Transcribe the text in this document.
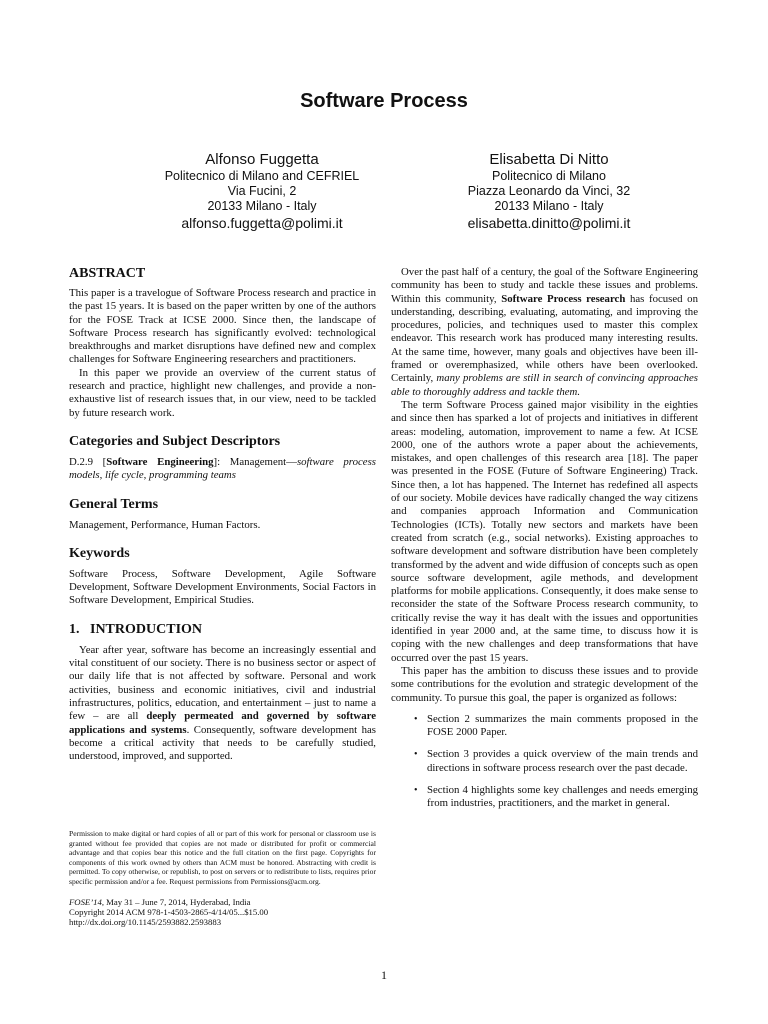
Software Process
Alfonso Fuggetta
Politecnico di Milano and CEFRIEL
Via Fucini, 2
20133 Milano - Italy
alfonso.fuggetta@polimi.it
Elisabetta Di Nitto
Politecnico di Milano
Piazza Leonardo da Vinci, 32
20133 Milano - Italy
elisabetta.dinitto@polimi.it
ABSTRACT

This paper is a travelogue of Software Process research and practice in the past 15 years. It is based on the paper written by one of the authors for the FOSE Track at ICSE 2000. Since then, the landscape of Software Process research has significantly evolved: technological breakthroughs and market disruptions have defined new and complex challenges for Software Engineering researchers and practitioners.

In this paper we provide an overview of the current status of research and practice, highlight new challenges, and provide a non-exhaustive list of research issues that, in our view, need to be tackled by future research work.

Categories and Subject Descriptors

D.2.9 [Software Engineering]: Management—software process models, life cycle, programming teams

General Terms

Management, Performance, Human Factors.

Keywords

Software Process, Software Development, Agile Software Development, Software Development Environments, Social Factors in Software Development, Empirical Studies.

1.   INTRODUCTION

Year after year, software has become an increasingly essential and vital constituent of our society. There is no business sector or aspect of our daily life that is not affected by software. Personal and work activities, business and economic initiatives, civil and industrial infrastructures, politics, education, and entertainment – just to name a few – are all deeply permeated and governed by software applications and systems. Consequently, software development has become a critical activity that needs to be carefully studied, understood, improved, and supported.

Permission to make digital or hard copies of all or part of this work for personal or classroom use is granted without fee provided that copies are not made or distributed for profit or commercial advantage and that copies bear this notice and the full citation on the first page. Copyrights for components of this work owned by others than ACM must be honored. Abstracting with credit is permitted. To copy otherwise, or republish, to post on servers or to redistribute to lists, requires prior specific permission and/or a fee. Request permissions from Permissions@acm.org.
FOSE’14, May 31 – June 7, 2014, Hyderabad, India
Copyright 2014 ACM 978-1-4503-2865-4/14/05...$15.00
http://dx.doi.org/10.1145/2593882.2593883

Over the past half of a century, the goal of the Software Engineering community has been to study and tackle these issues and problems. Within this community, Software Process research has focused on understanding, describing, evaluating, automating, and improving the procedures, policies, and techniques used to master this complex endeavor. This research work has produced many interesting results. At the same time, however, many goals and objectives have been ill-framed or overemphasized, while others have been overlooked. Certainly, many problems are still in search of convincing approaches able to thoroughly address and tackle them.

The term Software Process gained major visibility in the eighties and since then has sparked a lot of projects and initiatives in different areas: modeling, automation, improvement to name a few. At ICSE 2000, one of the authors wrote a paper about the achievements, mistakes, and open challenges of this research area [18]. The paper was presented in the FOSE (Future of Software Engineering) Track. Since then, a lot has happened. The Internet has redefined all aspects of our society. Mobile devices have radically changed the way citizens and companies approach Information and Communication Technologies (ICTs). Totally new sectors and markets have been created from scratch (e.g., social networks). Existing approaches to software development and software distribution have been completely transformed by the advent and wide diffusion of concepts such as open source software development, agile methods, and development platforms for mobile applications. Consequently, it does make sense to reconsider the state of the Software Process research community, to critically revise the way it has dealt with the issues and opportunities identified in year 2000 and, at the same time, to discuss how it is coping with the new challenges and deep transformations that have occurred over the past 15 years.

This paper has the ambition to discuss these issues and to provide some contributions for the evolution and strategic development of the community. To pursue this goal, the paper is organized as follows:

• Section 2 summarizes the main comments proposed in the FOSE 2000 Paper.
• Section 3 provides a quick overview of the main trends and directions in software process research over the past decade.
• Section 4 highlights some key challenges and needs emerging from industries, practitioners, and the market in general.
1
